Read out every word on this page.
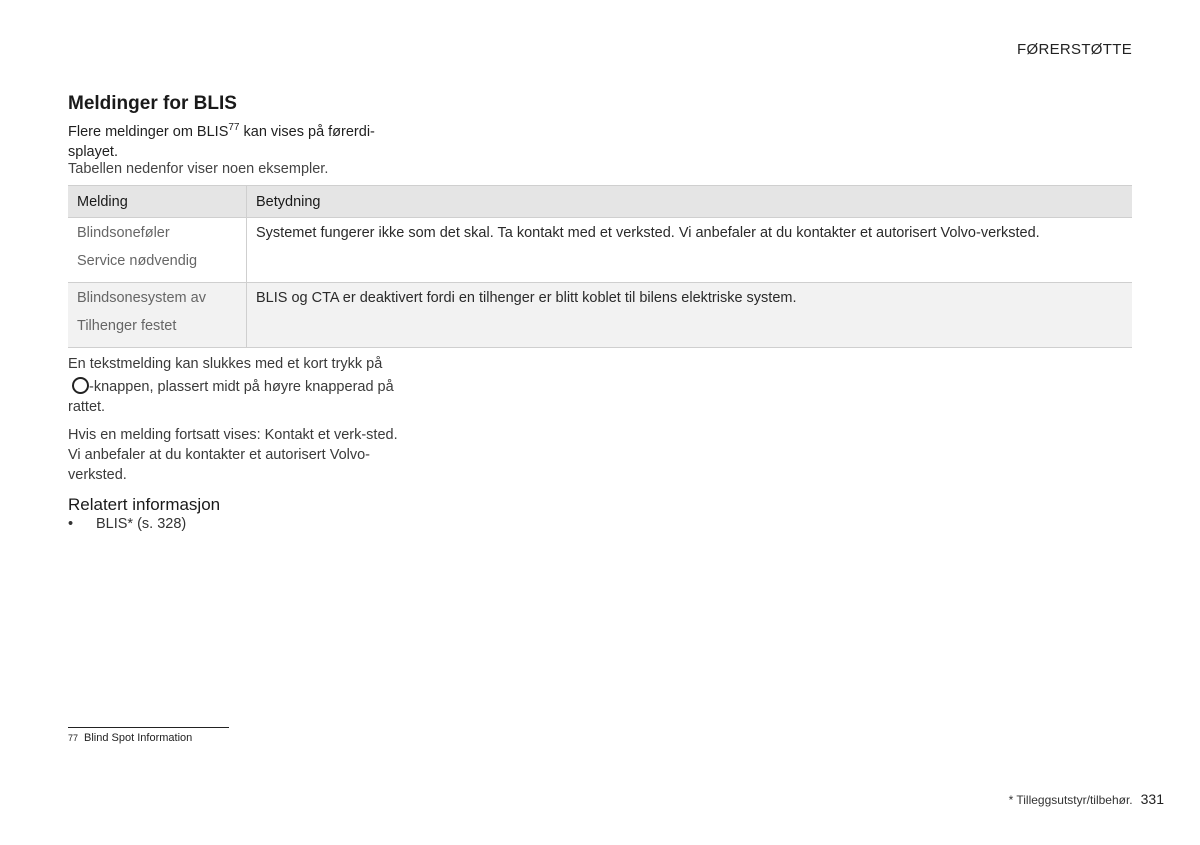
FØRERSTØTTE
Meldinger for BLIS
Flere meldinger om BLIS$^{77}$ kan vises på førerdi-
splayet.
Tabellen nedenfor viser noen eksempler.
Melding	Betydning

Blindsoneføler
Service nødvendig	Systemet fungerer ikke som det skal. Ta kontakt med et verksted. Vi anbefaler at du kontakter et autorisert Volvo-verksted.

Blindsonesystem av
Tilhenger festet	BLIS og CTA er deaktivert fordi en tilhenger er blitt koblet til bilens elektriske system.
En tekstmelding kan slukkes med et kort trykk på
-knappen, plassert midt på høyre knapperad på rattet.
Hvis en melding fortsatt vises: Kontakt et verk-sted. Vi anbefaler at du kontakter et autorisert Volvo-verksted.
Relatert informasjon
• BLIS* (s. 328)
77 Blind Spot Information
* Tilleggsutstyr/tilbehør. 331
